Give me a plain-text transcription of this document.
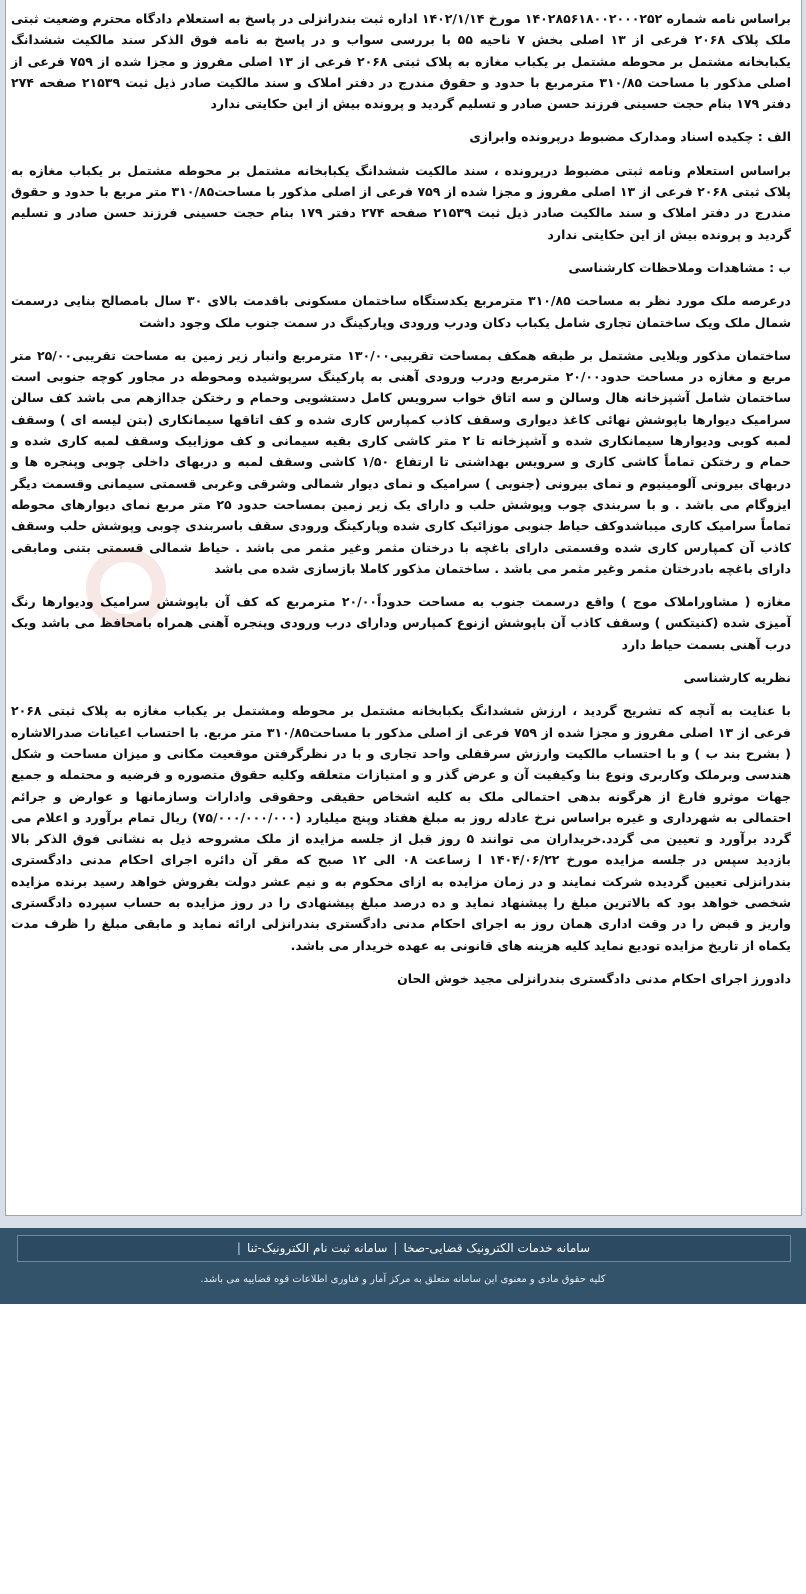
براساس نامه شماره ۱۴۰۲۸۵۶۱۸۰۰۲۰۰۰۲۵۲ مورخ ۱۴۰۲/۱/۱۴ اداره ثبت بندرانزلی در پاسخ به استعلام دادگاه محترم وضعیت ثبتی ملک پلاک ۲۰۶۸ فرعی از ۱۳ اصلی بخش ۷ ناحیه ۵۵ با بررسی سواب و در پاسخ به نامه فوق الذکر سند مالکیت ششدانگ یکبابخانه مشتمل بر محوطه مشتمل بر یکباب مغازه به پلاک ثبتی ۲۰۶۸ فرعی از ۱۳ اصلی مفروز و مجزا شده از ۷۵۹ فرعی از اصلی مذکور با مساحت ۳۱۰/۸۵ مترمربع با حدود و حقوق مندرج در دفتر املاک و سند مالکیت صادر ذیل ثبت ۲۱۵۳۹ صفحه ۲۷۴ دفتر ۱۷۹ بنام حجت حسینی فرزند حسن صادر و تسلیم گردید و پرونده بیش از این حکایتی ندارد

الف : چکیده اسناد ومدارک مضبوط درپرونده وابرازی

براساس استعلام ونامه ثبتی مضبوط درپرونده ، سند مالکیت ششدانگ یکبابخانه مشتمل بر محوطه مشتمل بر یکباب مغازه به پلاک ثبتی ۲۰۶۸ فرعی از ۱۳ اصلی مفروز و مجزا شده از ۷۵۹ فرعی از اصلی مذکور با مساحت۳۱۰/۸۵ متر مربع با حدود و حقوق مندرج در دفتر املاک و سند مالکیت صادر ذیل ثبت ۲۱۵۳۹ صفحه ۲۷۴ دفتر ۱۷۹ بنام حجت حسینی فرزند حسن صادر و تسلیم گردید و پرونده بیش از این حکایتی ندارد

ب : مشاهدات وملاحظات کارشناسی

درعرصه ملک مورد نظر به مساحت ۳۱۰/۸۵ مترمربع یکدستگاه ساختمان مسکونی باقدمت بالای ۳۰ سال بامصالح بنایی درسمت شمال ملک ویک ساختمان تجاری شامل یکباب دکان ودرب ورودی وپارکینگ در سمت جنوب ملک وجود داشت

ساختمان مذکور ویلایی مشتمل بر طبقه همکف بمساحت تقریبی۱۳۰/۰۰ مترمربع وانبار زیر زمین به مساحت تقریبی۲۵/۰۰ متر مربع و مغازه در مساحت حدود۲۰/۰۰ مترمربع ودرب ورودی آهنی به پارکینگ سرپوشیده ومحوطه در مجاور کوچه جنوبی است ساختمان شامل آشپزخانه هال وسالن و سه اتاق خواب سرویس کامل دستشویی وحمام و رختکن جدا‌ازهم می باشد کف سالن سرامیک دیوارها باپوشش نهائی کاغذ دیواری وسقف کاذب کمپارس کاری شده و کف اتاقها سیمانکاری (بتن لیسه ای ) وسقف لمبه کوبی ودیوارها سیمانکاری شده و آشپزخانه تا ۲ متر کاشی کاری بقیه سیمانی و کف موزاییک وسقف لمبه کاری شده و حمام و رختکن تماماً کاشی کاری و سرویس بهداشتی تا ارتفاع ۱/۵۰ کاشی وسقف لمبه و دربهای داخلی چوبی وپنجره ها و دربهای بیرونی آلومینیوم و نمای بیرونی (جنوبی ) سرامیک و نمای دیوار شمالی وشرقی وغربی قسمتی سیمانی وقسمت دیگر ایزوگام می باشد . و با سربندی چوب وپوشش حلب و دارای یک زیر زمین بمساحت حدود ۲۵ متر مربع نمای دیوارهای محوطه تماماً سرامیک کاری میباشدوکف حیاط جنوبی موزائیک کاری شده وپارکینگ ورودی سقف باسربندی چوبی وپوشش حلب وسقف کاذب آن کمپارس کاری شده وقسمتی دارای باغچه با درختان مثمر وغیر مثمر می باشد . حیاط شمالی قسمتی بتنی ومابقی دارای باغچه بادرختان مثمر وغیر مثمر می باشد . ساختمان مذکور کاملا بازسازی شده می باشد

مغازه ( مشاوراملاک موج ) واقع درسمت جنوب به مساحت حدوداً۲۰/۰۰ مترمربع که کف آن باپوشش سرامیک ودیوارها رنگ آمیزی شده (کنیتکس ) وسقف کاذب آن باپوشش ازنوع کمپارس ودارای درب ورودی وپنجره آهنی همراه بامحافظ می باشد ویک درب آهنی بسمت حیاط دارد

نظریه کارشناسی

با عنایت به آنچه که تشریح گردید ، ارزش ششدانگ یکبابخانه مشتمل بر محوطه ومشتمل بر یکباب مغازه به پلاک ثبتی ۲۰۶۸ فرعی از ۱۳ اصلی مفروز و مجزا شده از ۷۵۹ فرعی از اصلی مذکور با مساحت۳۱۰/۸۵ متر مربع. با احتساب اعیانات صدرالاشاره ( بشرح بند ب ) و با احتساب مالکیت وارزش سرقفلی واحد تجاری و با در نظرگرفتن موقعیت مکانی و میزان مساحت و شکل هندسی وبرملک وکاربری ونوع بنا وکیفیت آن و عرض گذر و و امتیازات متعلقه وکلیه حقوق متصوره و فرضیه و محتمله و جمیع جهات موثرو فارغ از هرگونه بدهی احتمالی ملک به کلیه اشخاص حقیقی وحقوقی وادارات وسازمانها و عوارض و جرائم احتمالی به شهرداری و غیره براساس نرخ عادله روز به مبلغ هفتاد وپنج میلیارد (۷۵/۰۰۰/۰۰۰/۰۰۰) ریال تمام برآورد و اعلام می گردد برآورد و تعیین می گردد.خریداران می توانند ۵ روز قبل از جلسه مزایده از ملک مشروحه ذیل به نشانی فوق الذکر بالا بازدید سپس در جلسه مزایده مورخ ۱۴۰۴/۰۶/۲۲ ا زساعت ۰۸ الی ۱۲ صبح که مقر آن دائره اجرای احکام مدنی دادگستری بندرانزلی تعیین گردیده شرکت نمایند و در زمان مزایده به ازای محکوم به و نیم عشر دولت بفروش خواهد رسید برنده مزایده شخصی خواهد بود که بالاترین مبلغ را پیشنهاد نماید و ده درصد مبلغ پیشنهادی را در روز مزایده به حساب سپرده دادگستری واریز و قبض را در وقت اداری همان روز به اجرای احکام مدنی دادگستری بندرانزلی ارائه نماید و مابقی مبلغ را ظرف مدت یکماه از تاریخ مزایده تودیع نماید کلیه هزینه های قانونی به عهده خریدار می باشد.

دادورز اجرای احکام مدنی دادگستری بندرانزلی مجید خوش الحان

سامانه خدمات الکترونیک قضایی-صخا|سامانه ثبت نام الکترونیک-ثنا|
کلیه حقوق مادی و معنوی این سامانه متعلق به مرکز آمار و فناوری اطلاعات قوه قضاییه می باشد.
